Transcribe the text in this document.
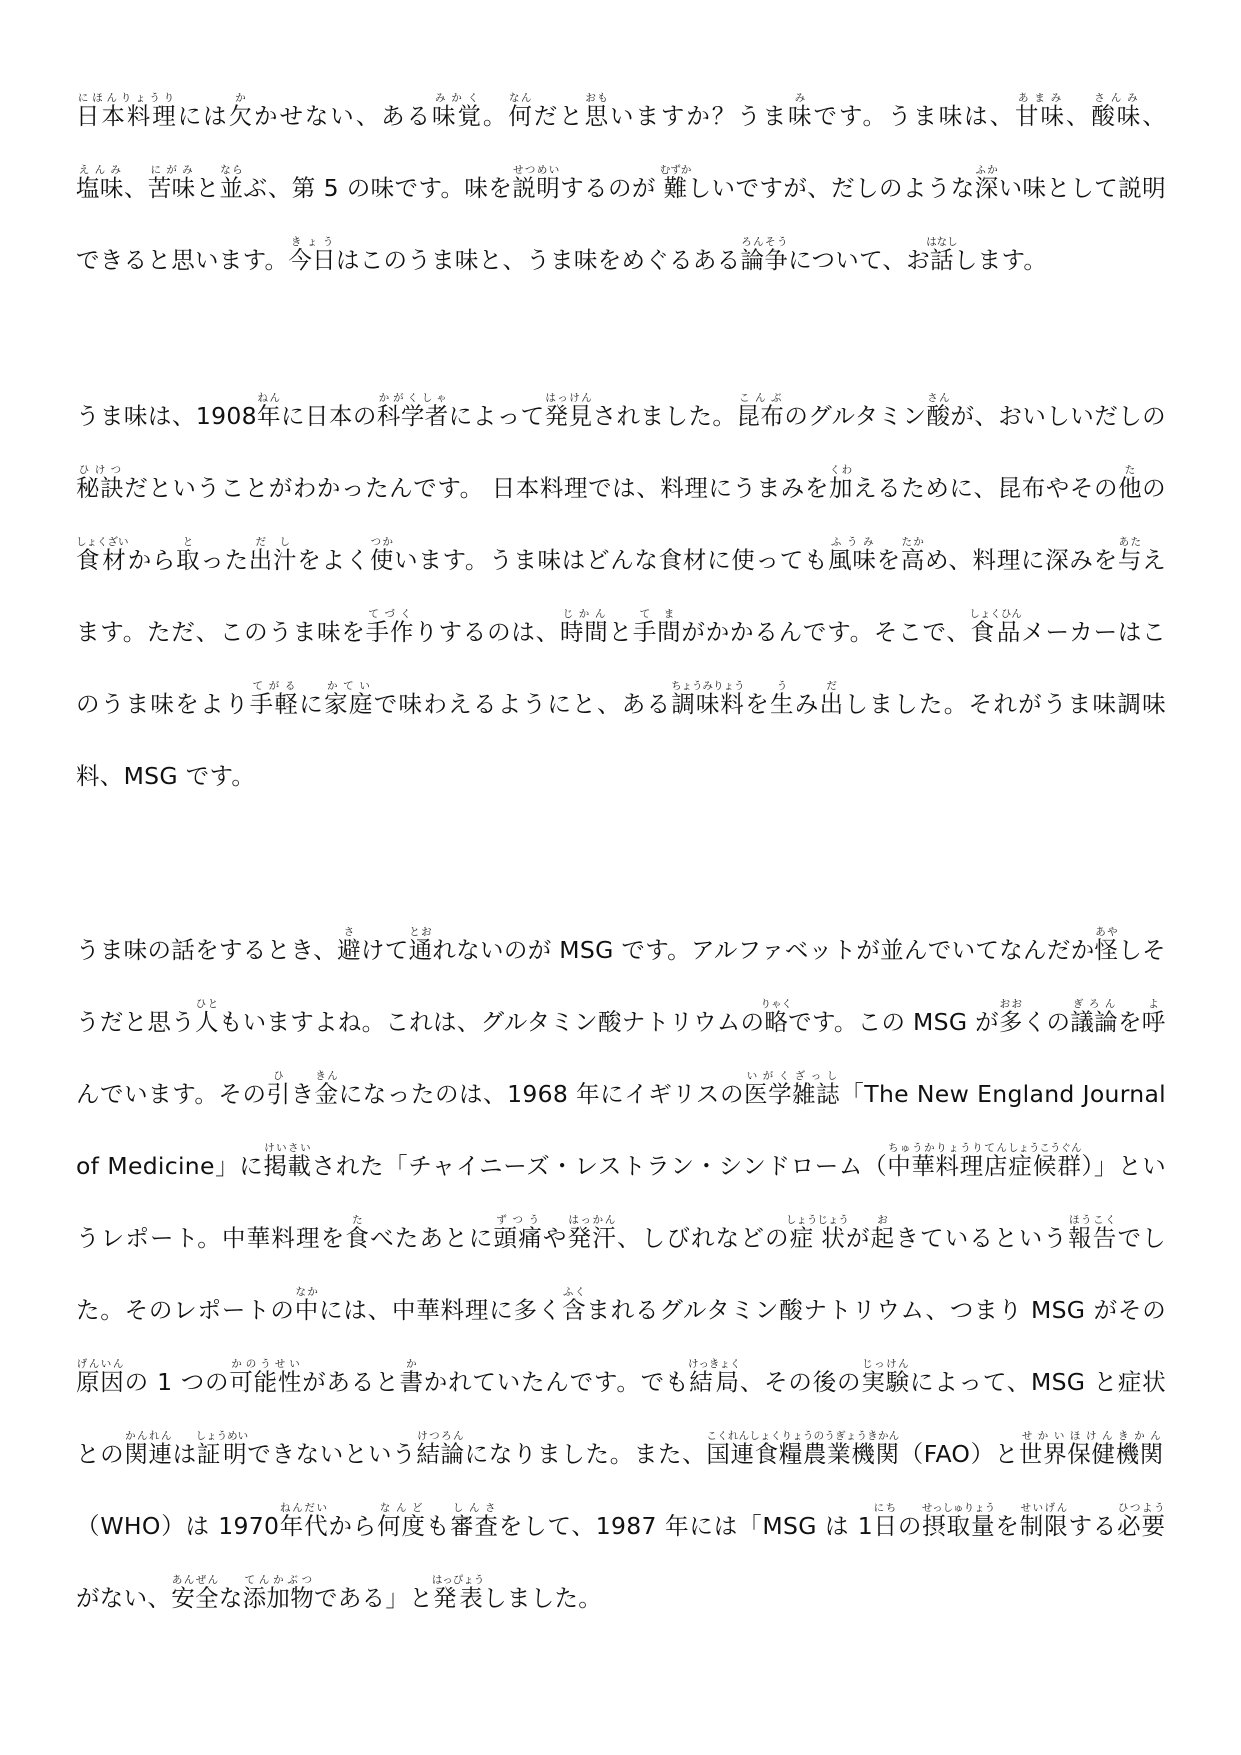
日本料理にほんりょうりには欠かかせない、ある味覚みかく。何なんだと思おもいますか？うま味みです。うま味は、甘味あまみ、酸味さんみ、塩味えんみ、苦味にがみと並ならぶ、第 5 の味です。味を説明せつめいするのが 難むずかしいですが、だしのような深ふかい味として説明できると思います。今日きょうはこのうま味と、うま味をめぐるある論争ろんそうについて、お話はなしします。

うま味は、1908年ねんに日本の科学者かがくしゃによって発見はっけんされました。昆布こんぶのグルタミン酸さんが、おいしいだしの秘訣ひけつだということがわかったんです。 日本料理では、料理にうまみを加くわえるために、昆布やその他たの食材しょくざいから取とった出汁だしをよく使つかいます。うま味はどんな食材に使っても風味ふうみを高たかめ、料理に深みを与あたえます。ただ、このうま味を手作てづくりするのは、時間じかんと手間てまがかかるんです。そこで、食品しょくひんメーカーはこのうま味をより手軽てがるに家庭かていで味わえるようにと、ある調味料ちょうみりょうを生うみ出だしました。それがうま味調味料、MSG です。

うま味の話をするとき、避さけて通とおれないのが MSG です。アルファベットが並んでいてなんだか怪あやしそうだと思う人ひともいますよね。これは、グルタミン酸ナトリウムの略りゃくです。この MSG が多おおくの議論ぎろんを呼よんでいます。その引ひき金きんになったのは、1968 年にイギリスの医学雑誌いがくざっし「The New England Journal of Medicine」に掲載けいさいされた「チャイニーズ・レストラン・シンドローム（中華料理店ちゅうかりょうりてん症候群しょうこうぐん）」というレポート。中華料理を食たべたあとに頭痛ずつうや発汗はっかん、しびれなどの症状しょうじょうが起おきているという報告ほうこくでした。そのレポートの中なかには、中華料理に多く含ふくまれるグルタミン酸ナトリウム、つまり MSG がその原因げんいんの 1 つの可能性かのうせいがあると書かかれていたんです。でも結局けっきょく、その後の実験じっけんによって、MSG と症状との関連かんれんは証明しょうめいできないという結論けつろんになりました。また、国連食糧農業機関こくれんしょくりょうのうぎょうきかん（FAO）と世界保健機関せかいほけんきかん（WHO）は 1970年代ねんだいから何度なんども審査しんさをして、1987 年には「MSG は 1日にちの摂取量せっしゅりょうを制限せいげんする必要ひつようがない、安全あんぜんな添加物てんかぶつである」と発表はっぴょうしました。
